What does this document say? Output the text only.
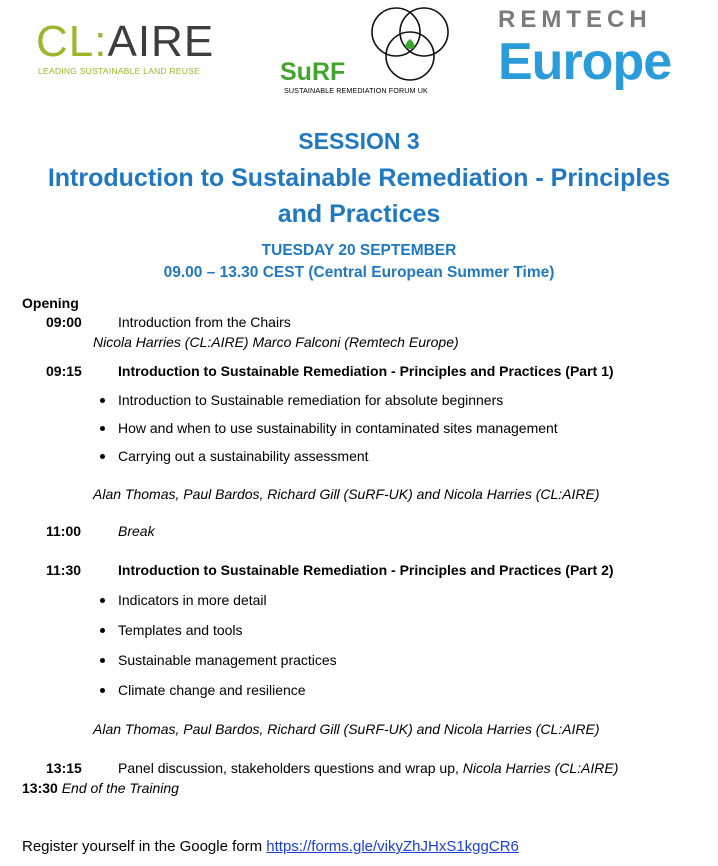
CL:AIRE
LEADING SUSTAINABLE LAND REUSE	SuRF
SUSTAINABLE REMEDIATION FORUM UK
REMTECH
Europe
SESSION 3
Introduction to Sustainable Remediation - Principles
and Practices
TUESDAY 20 SEPTEMBER
09.00 – 13.30 CEST (Central European Summer Time)
Opening
09:00	Introduction from the Chairs
Nicola Harries (CL:AIRE) Marco Falconi (Remtech Europe)
09:15	Introduction to Sustainable Remediation - Principles and Practices (Part 1)
Introduction to Sustainable remediation for absolute beginners
How and when to use sustainability in contaminated sites management
Carrying out a sustainability assessment
Alan Thomas, Paul Bardos, Richard Gill (SuRF-UK) and Nicola Harries (CL:AIRE)
11:00	Break
11:30	Introduction to Sustainable Remediation - Principles and Practices (Part 2)
Indicators in more detail
Templates and tools
Sustainable management practices
Climate change and resilience
Alan Thomas, Paul Bardos, Richard Gill (SuRF-UK) and Nicola Harries (CL:AIRE)
13:15	Panel discussion, stakeholders questions and wrap up, Nicola Harries (CL:AIRE)
13:30 End of the Training
Register yourself in the Google form https://forms.gle/vikyZhJHxS1kggCR6
